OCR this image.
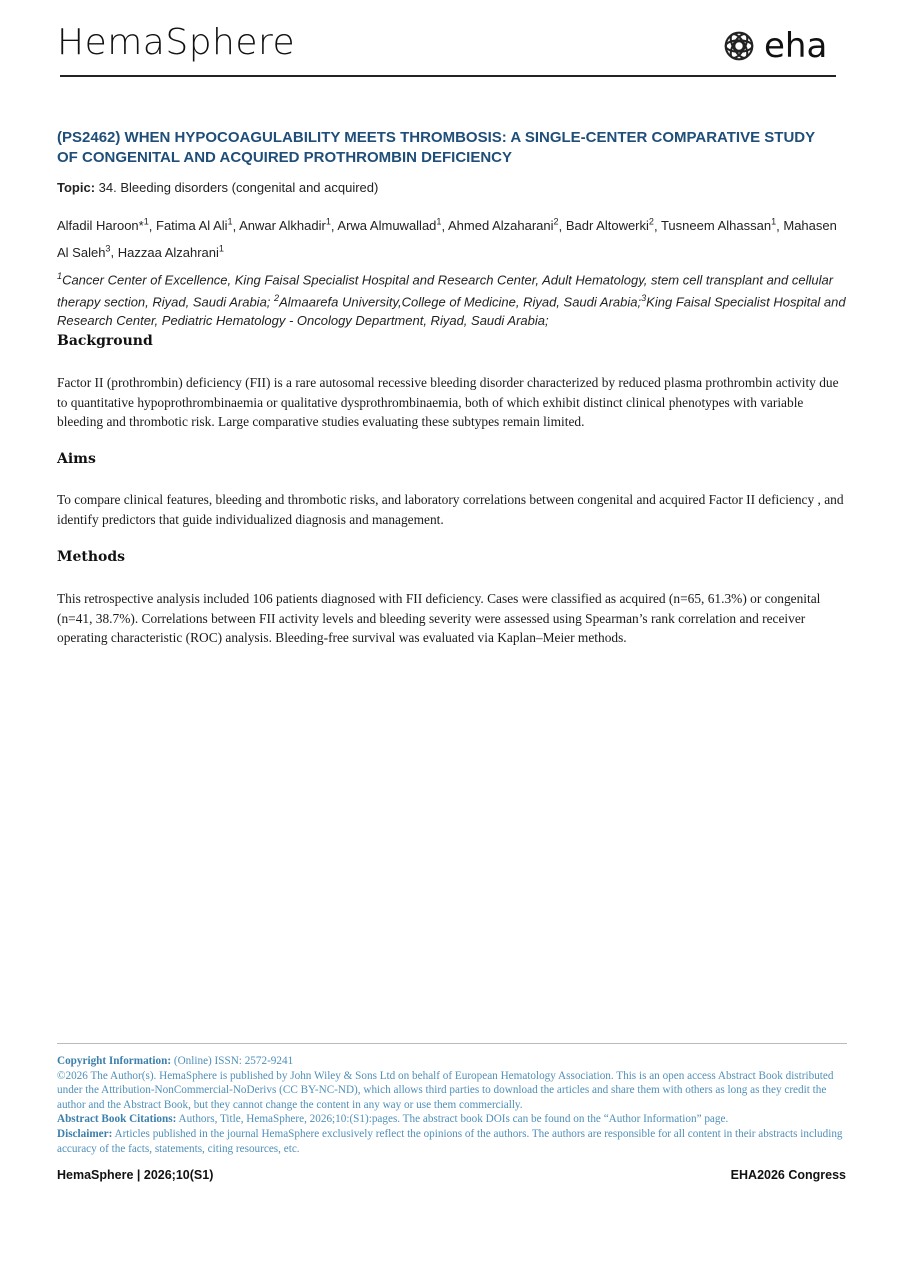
HemaSphere	eha
(PS2462) WHEN HYPOCOAGULABILITY MEETS THROMBOSIS: A SINGLE-CENTER COMPARATIVE STUDY OF CONGENITAL AND ACQUIRED PROTHROMBIN DEFICIENCY
Topic: 34. Bleeding disorders (congenital and acquired)
Alfadil Haroon*$^1$, Fatima Al Ali$^1$, Anwar Alkhadir$^1$, Arwa Almuwallad$^1$, Ahmed Alzaharani$^2$, Badr Altowerki$^2$, Tusneem Alhassan$^1$, Mahasen Al Saleh$^3$, Hazzaa Alzahrani$^1$
$^1$Cancer Center of Excellence, King Faisal Specialist Hospital and Research Center, Adult Hematology, stem cell transplant and cellular therapy section, Riyad, Saudi Arabia; $^2$Almaarefa University,College of Medicine, Riyad, Saudi Arabia;$^3$King Faisal Specialist Hospital and Research Center, Pediatric Hematology - Oncology Department, Riyad, Saudi Arabia;
Background
Factor II (prothrombin) deficiency (FII) is a rare autosomal recessive bleeding disorder characterized by reduced plasma prothrombin activity due to quantitative hypoprothrombinaemia or qualitative dysprothrombinaemia, both of which exhibit distinct clinical phenotypes with variable bleeding and thrombotic risk. Large comparative studies evaluating these subtypes remain limited.
Aims
To compare clinical features, bleeding and thrombotic risks, and laboratory correlations between congenital and acquired Factor II deficiency , and identify predictors that guide individualized diagnosis and management.
Methods
This retrospective analysis included 106 patients diagnosed with FII deficiency. Cases were classified as acquired (n=65, 61.3%) or congenital (n=41, 38.7%). Correlations between FII activity levels and bleeding severity were assessed using Spearman’s rank correlation and receiver operating characteristic (ROC) analysis. Bleeding-free survival was evaluated via Kaplan–Meier methods.
Copyright Information: (Online) ISSN: 2572-9241
©2026 The Author(s). HemaSphere is published by John Wiley & Sons Ltd on behalf of European Hematology Association. This is an open access Abstract Book distributed under the Attribution-NonCommercial-NoDerivs (CC BY-NC-ND), which allows third parties to download the articles and share them with others as long as they credit the author and the Abstract Book, but they cannot change the content in any way or use them commercially.
Abstract Book Citations: Authors, Title, HemaSphere, 2026;10:(S1):pages. The abstract book DOIs can be found on the “Author Information” page.
Disclaimer: Articles published in the journal HemaSphere exclusively reflect the opinions of the authors. The authors are responsible for all content in their abstracts including accuracy of the facts, statements, citing resources, etc.
HemaSphere | 2026;10(S1)	EHA2026 Congress
